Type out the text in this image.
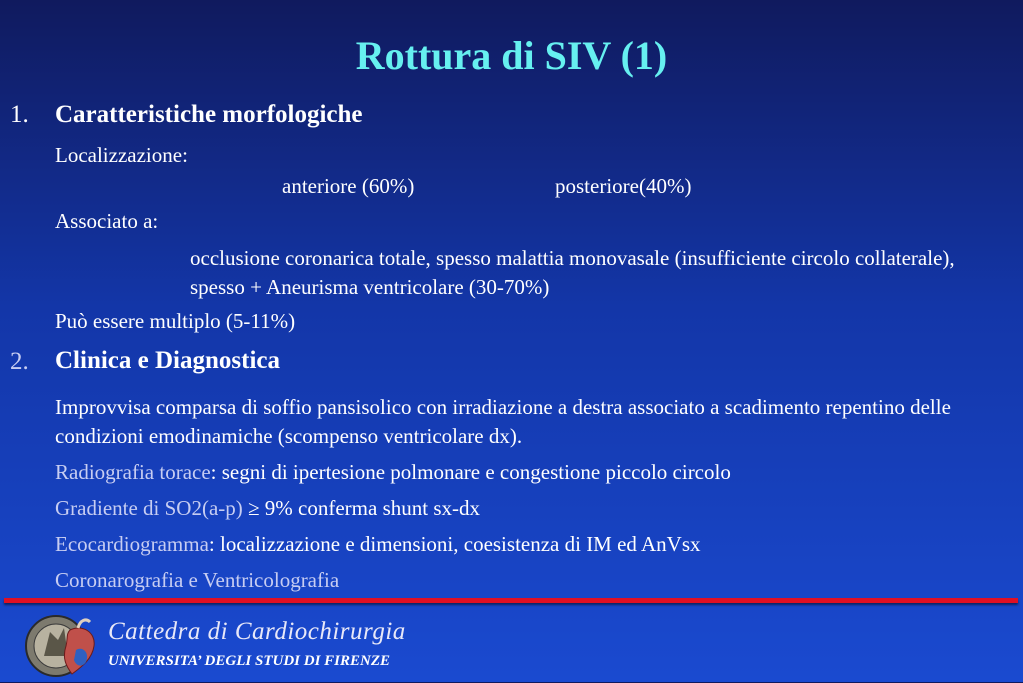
Rottura di SIV (1)
1. Caratteristiche morfologiche
Localizzazione:
anteriore (60%)	posteriore(40%)
Associato a:
occlusione coronarica totale, spesso malattia monovasale (insufficiente circolo collaterale), spesso + Aneurisma ventricolare (30-70%)
Può essere multiplo (5-11%)
2. Clinica e Diagnostica
Improvvisa comparsa di soffio pansisolico con irradiazione a destra associato a scadimento repentino delle condizioni emodinamiche (scompenso ventricolare dx).
Radiografia torace: segni di ipertesione polmonare e congestione piccolo circolo
Gradiente di SO2(a-p) ≥ 9% conferma shunt sx-dx
Ecocardiogramma: localizzazione e dimensioni, coesistenza di IM ed AnVsx
Coronarografia e Ventricolografia
Cattedra di Cardiochirurgia
UNIVERSITA’ DEGLI STUDI DI FIRENZE
